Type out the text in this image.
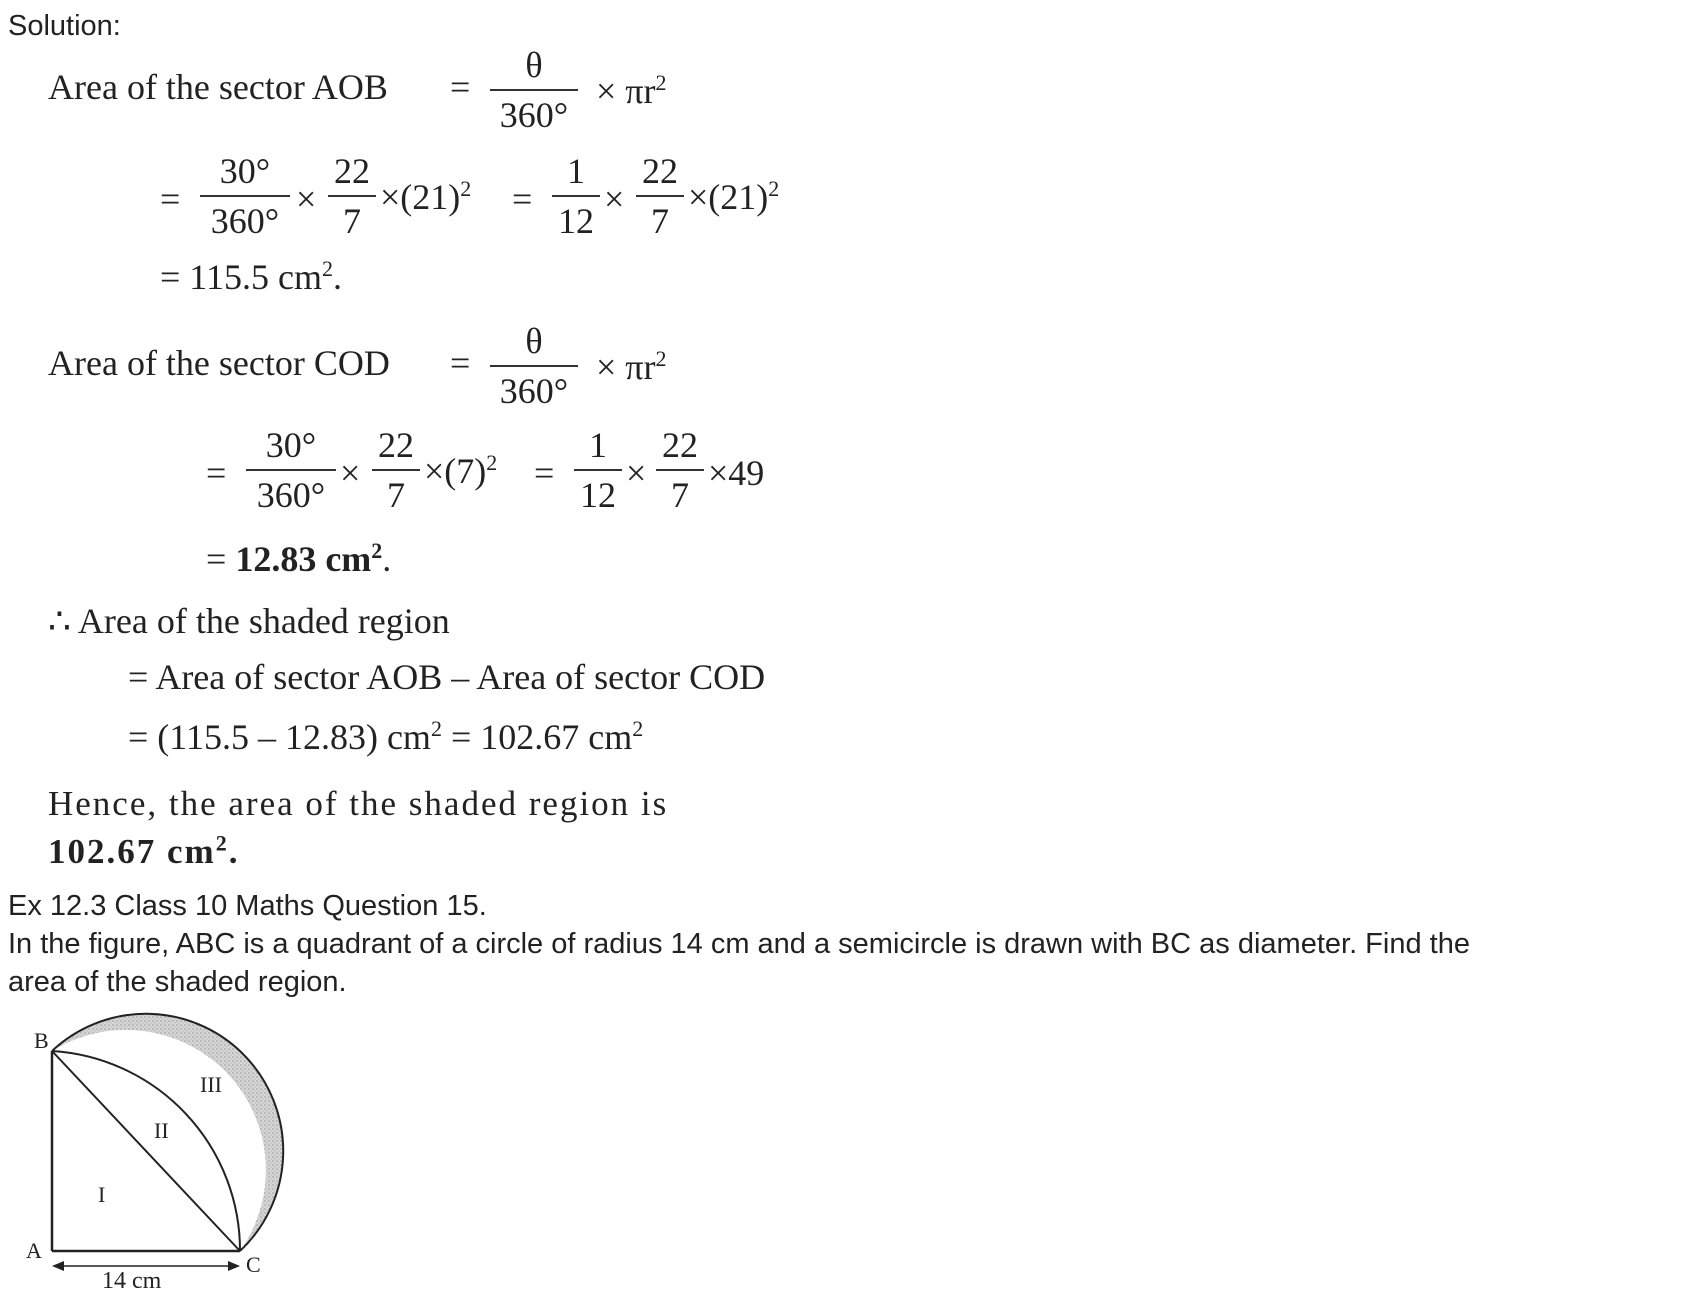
Solution:
Area of the sector AOB =
θ
360°
× $\pi r^2$
=
30°
360°
×
22
7
$\times(21)^2$ =
1
12
×
22
7
$\times(21)^2$
= 115.5 $cm^2$.
Area of the sector COD =
θ
360°
× $\pi r^2$
=
30°
360°
×
22
7
$\times(7)^2$ =
1
12
×
22
7
×49
= 12.83 $cm^2$.
∴ Area of the shaded region
= Area of sector AOB – Area of sector COD
= (115.5 – 12.83) $cm^2 = 102.67$ $cm^2$
Hence, the area of the shaded region is
102.67 $cm^2$.
Ex 12.3 Class 10 Maths Question 15.
In the figure, ABC is a quadrant of a circle of radius 14 cm and a semicircle is drawn with BC as diameter. Find the
area of the shaded region.
B
A
C
I
II
III
14 cm
